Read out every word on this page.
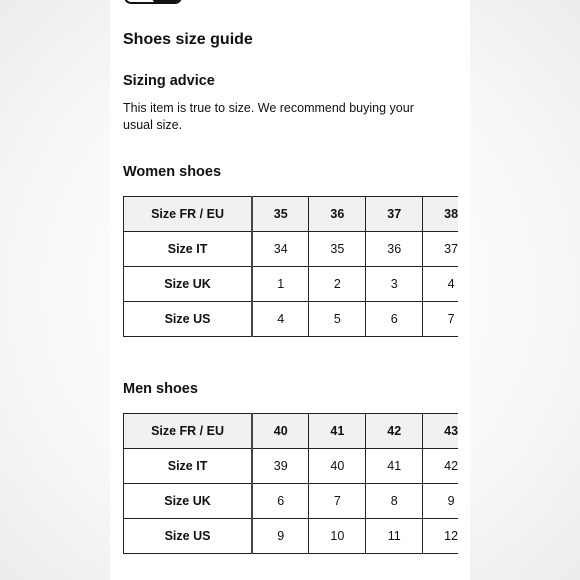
Shoes size guide
Sizing advice

This item is true to size. We recommend buying your usual size.

Women shoes
Size FR / EU	35	36	37	38	
Size IT	34	35	36	37	
Size UK	1	2	3	4	
Size US	4	5	6	7	
Men shoes
Size FR / EU	40	41	42	43	
Size IT	39	40	41	42	
Size UK	6	7	8	9	
Size US	9	10	11	12	
